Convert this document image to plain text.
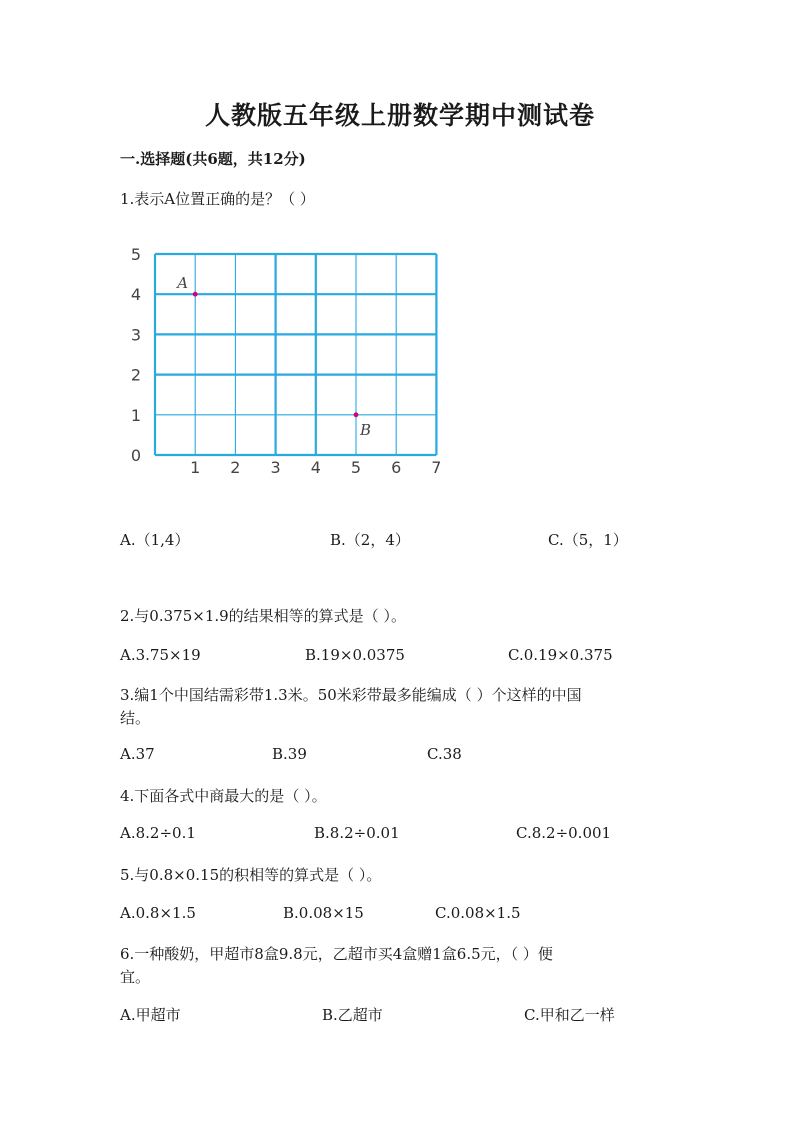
人教版五年级上册数学期中测试卷
一.选择题(共6题，共12分)
1.表示A位置正确的是？（ ）
1 2 3 4 5 6 7
0
1
2
3
4
5
A
B
A.（1,4）	B.（2，4）	C.（5，1）
2.与0.375×1.9的结果相等的算式是（ ）。
A.3.75×19	B.19×0.0375	C.0.19×0.375
3.编1个中国结需彩带1.3米。50米彩带最多能编成（ ）个这样的中国
结。
A.37	B.39	C.38
4.下面各式中商最大的是（ ）。
A.8.2÷0.1	B.8.2÷0.01	C.8.2÷0.001
5.与0.8×0.15的积相等的算式是（ ）。
A.0.8×1.5	B.0.08×15	C.0.08×1.5
6.一种酸奶，甲超市8盒9.8元，乙超市买4盒赠1盒6.5元，（ ）便
宜。
A.甲超市	B.乙超市	C.甲和乙一样
